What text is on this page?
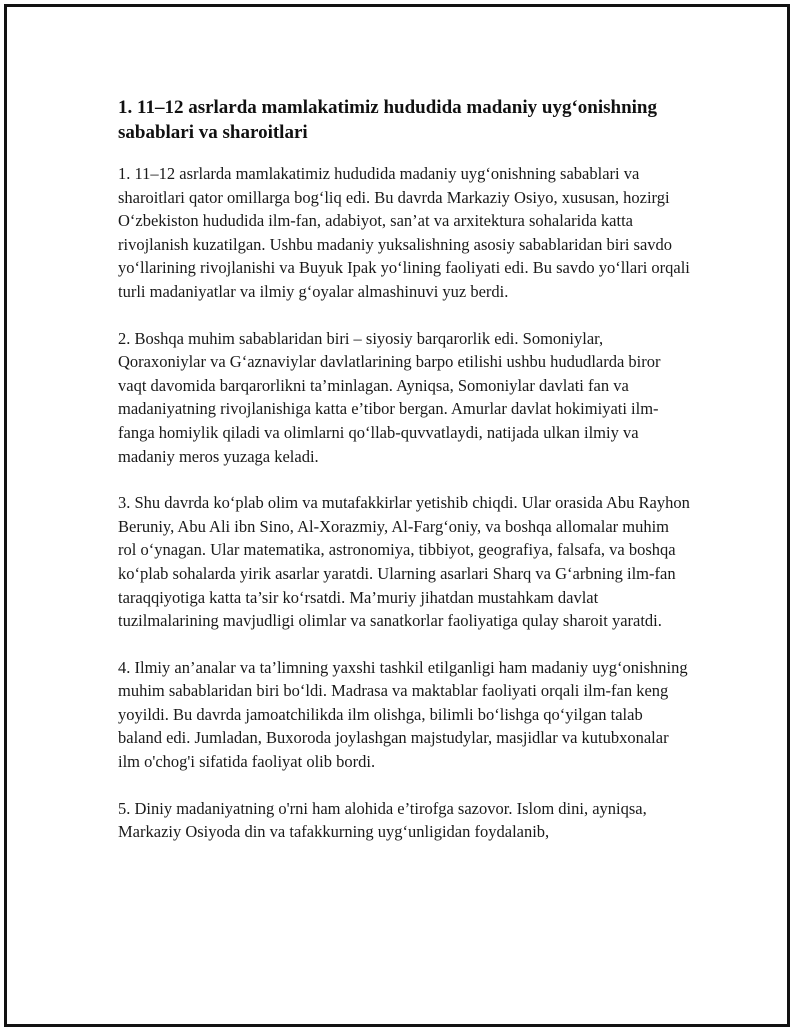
1. 11–12 asrlarda mamlakatimiz hududida madaniy uyg‘onishning sabablari va sharoitlari

1. 11–12 asrlarda mamlakatimiz hududida madaniy uyg‘onishning sabablari va sharoitlari qator omillarga bog‘liq edi. Bu davrda Markaziy Osiyo, xususan, hozirgi O‘zbekiston hududida ilm-fan, adabiyot, san’at va arxitektura sohalarida katta rivojlanish kuzatilgan. Ushbu madaniy yuksalishning asosiy sabablaridan biri savdo yo‘llarining rivojlanishi va Buyuk Ipak yo‘lining faoliyati edi. Bu savdo yo‘llari orqali turli madaniyatlar va ilmiy g‘oyalar almashinuvi yuz berdi.

2. Boshqa muhim sabablaridan biri – siyosiy barqarorlik edi. Somoniylar, Qoraxoniylar va G‘aznaviylar davlatlarining barpo etilishi ushbu hududlarda biror vaqt davomida barqarorlikni ta’minlagan. Ayniqsa, Somoniylar davlati fan va madaniyatning rivojlanishiga katta e’tibor bergan. Amurlar davlat hokimiyati ilm-fanga homiylik qiladi va olimlarni qo‘llab-quvvatlaydi, natijada ulkan ilmiy va madaniy meros yuzaga keladi.

3. Shu davrda ko‘plab olim va mutafakkirlar yetishib chiqdi. Ular orasida Abu Rayhon Beruniy, Abu Ali ibn Sino, Al-Xorazmiy, Al-Farg‘oniy, va boshqa allomalar muhim rol o‘ynagan. Ular matematika, astronomiya, tibbiyot, geografiya, falsafa, va boshqa ko‘plab sohalarda yirik asarlar yaratdi. Ularning asarlari Sharq va G‘arbning ilm-fan taraqqiyotiga katta ta’sir ko‘rsatdi. Ma’muriy jihatdan mustahkam davlat tuzilmalarining mavjudligi olimlar va sanatkorlar faoliyatiga qulay sharoit yaratdi.

4. Ilmiy an’analar va ta’limning yaxshi tashkil etilganligi ham madaniy uyg‘onishning muhim sabablaridan biri bo‘ldi. Madrasa va maktablar faoliyati orqali ilm-fan keng yoyildi. Bu davrda jamoatchilikda ilm olishga, bilimli bo‘lishga qo‘yilgan talab baland edi. Jumladan, Buxoroda joylashgan majstudylar, masjidlar va kutubxonalar ilm o'chog'i sifatida faoliyat olib bordi.

5. Diniy madaniyatning o'rni ham alohida e’tirofga sazovor. Islom dini, ayniqsa, Markaziy Osiyoda din va tafakkurning uyg‘unligidan foydalanib,
